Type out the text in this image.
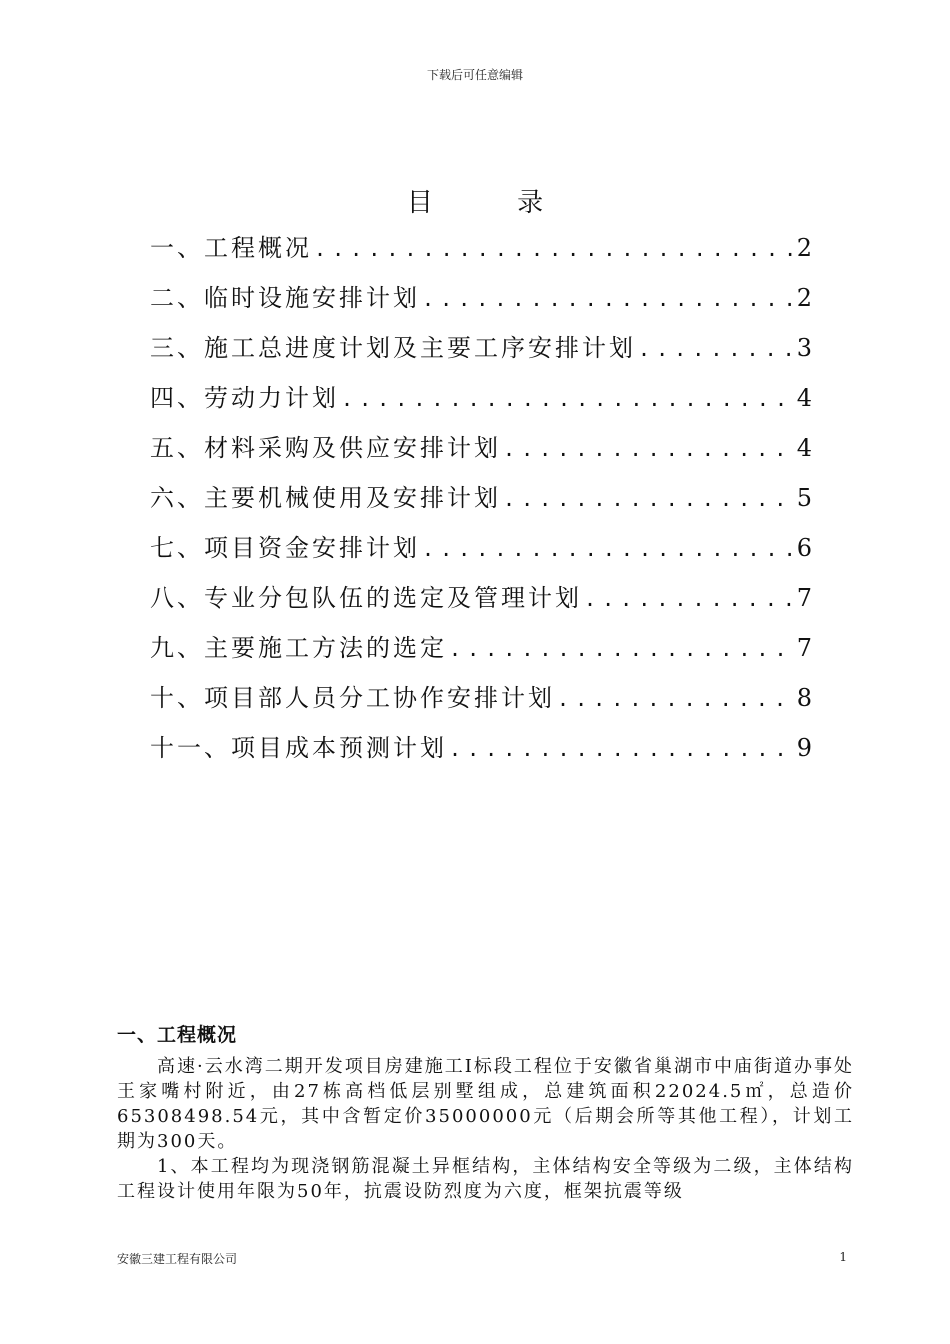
下载后可任意编辑
目 录
一、工程概况 . . .	2
二、临时设施安排计划 . . .	2
三、施工总进度计划及主要工序安排计划 . . .	3
四、劳动力计划 . . .	4
五、材料采购及供应安排计划 . . .	4
六、主要机械使用及安排计划 . . .	5
七、项目资金安排计划 . . .	6
八、专业分包队伍的选定及管理计划 . . .	7
九、主要施工方法的选定 . . .	7
十、项目部人员分工协作安排计划 . . .	8
十一、项目成本预测计划 . . .	9
一、工程概况

高速·云水湾二期开发项目房建施工Ⅰ标段工程位于安徽省巢湖市中庙街道办事处王家嘴村附近，由27栋高档低层别墅组成，总建筑面积22024.5㎡，总造价65308498.54元，其中含暂定价35000000元（后期会所等其他工程），计划工期为300天。

1、本工程均为现浇钢筋混凝土异框结构，主体结构安全等级为二级，主体结构工程设计使用年限为50年，抗震设防烈度为六度，框架抗震等级

安徽三建工程有限公司	1
